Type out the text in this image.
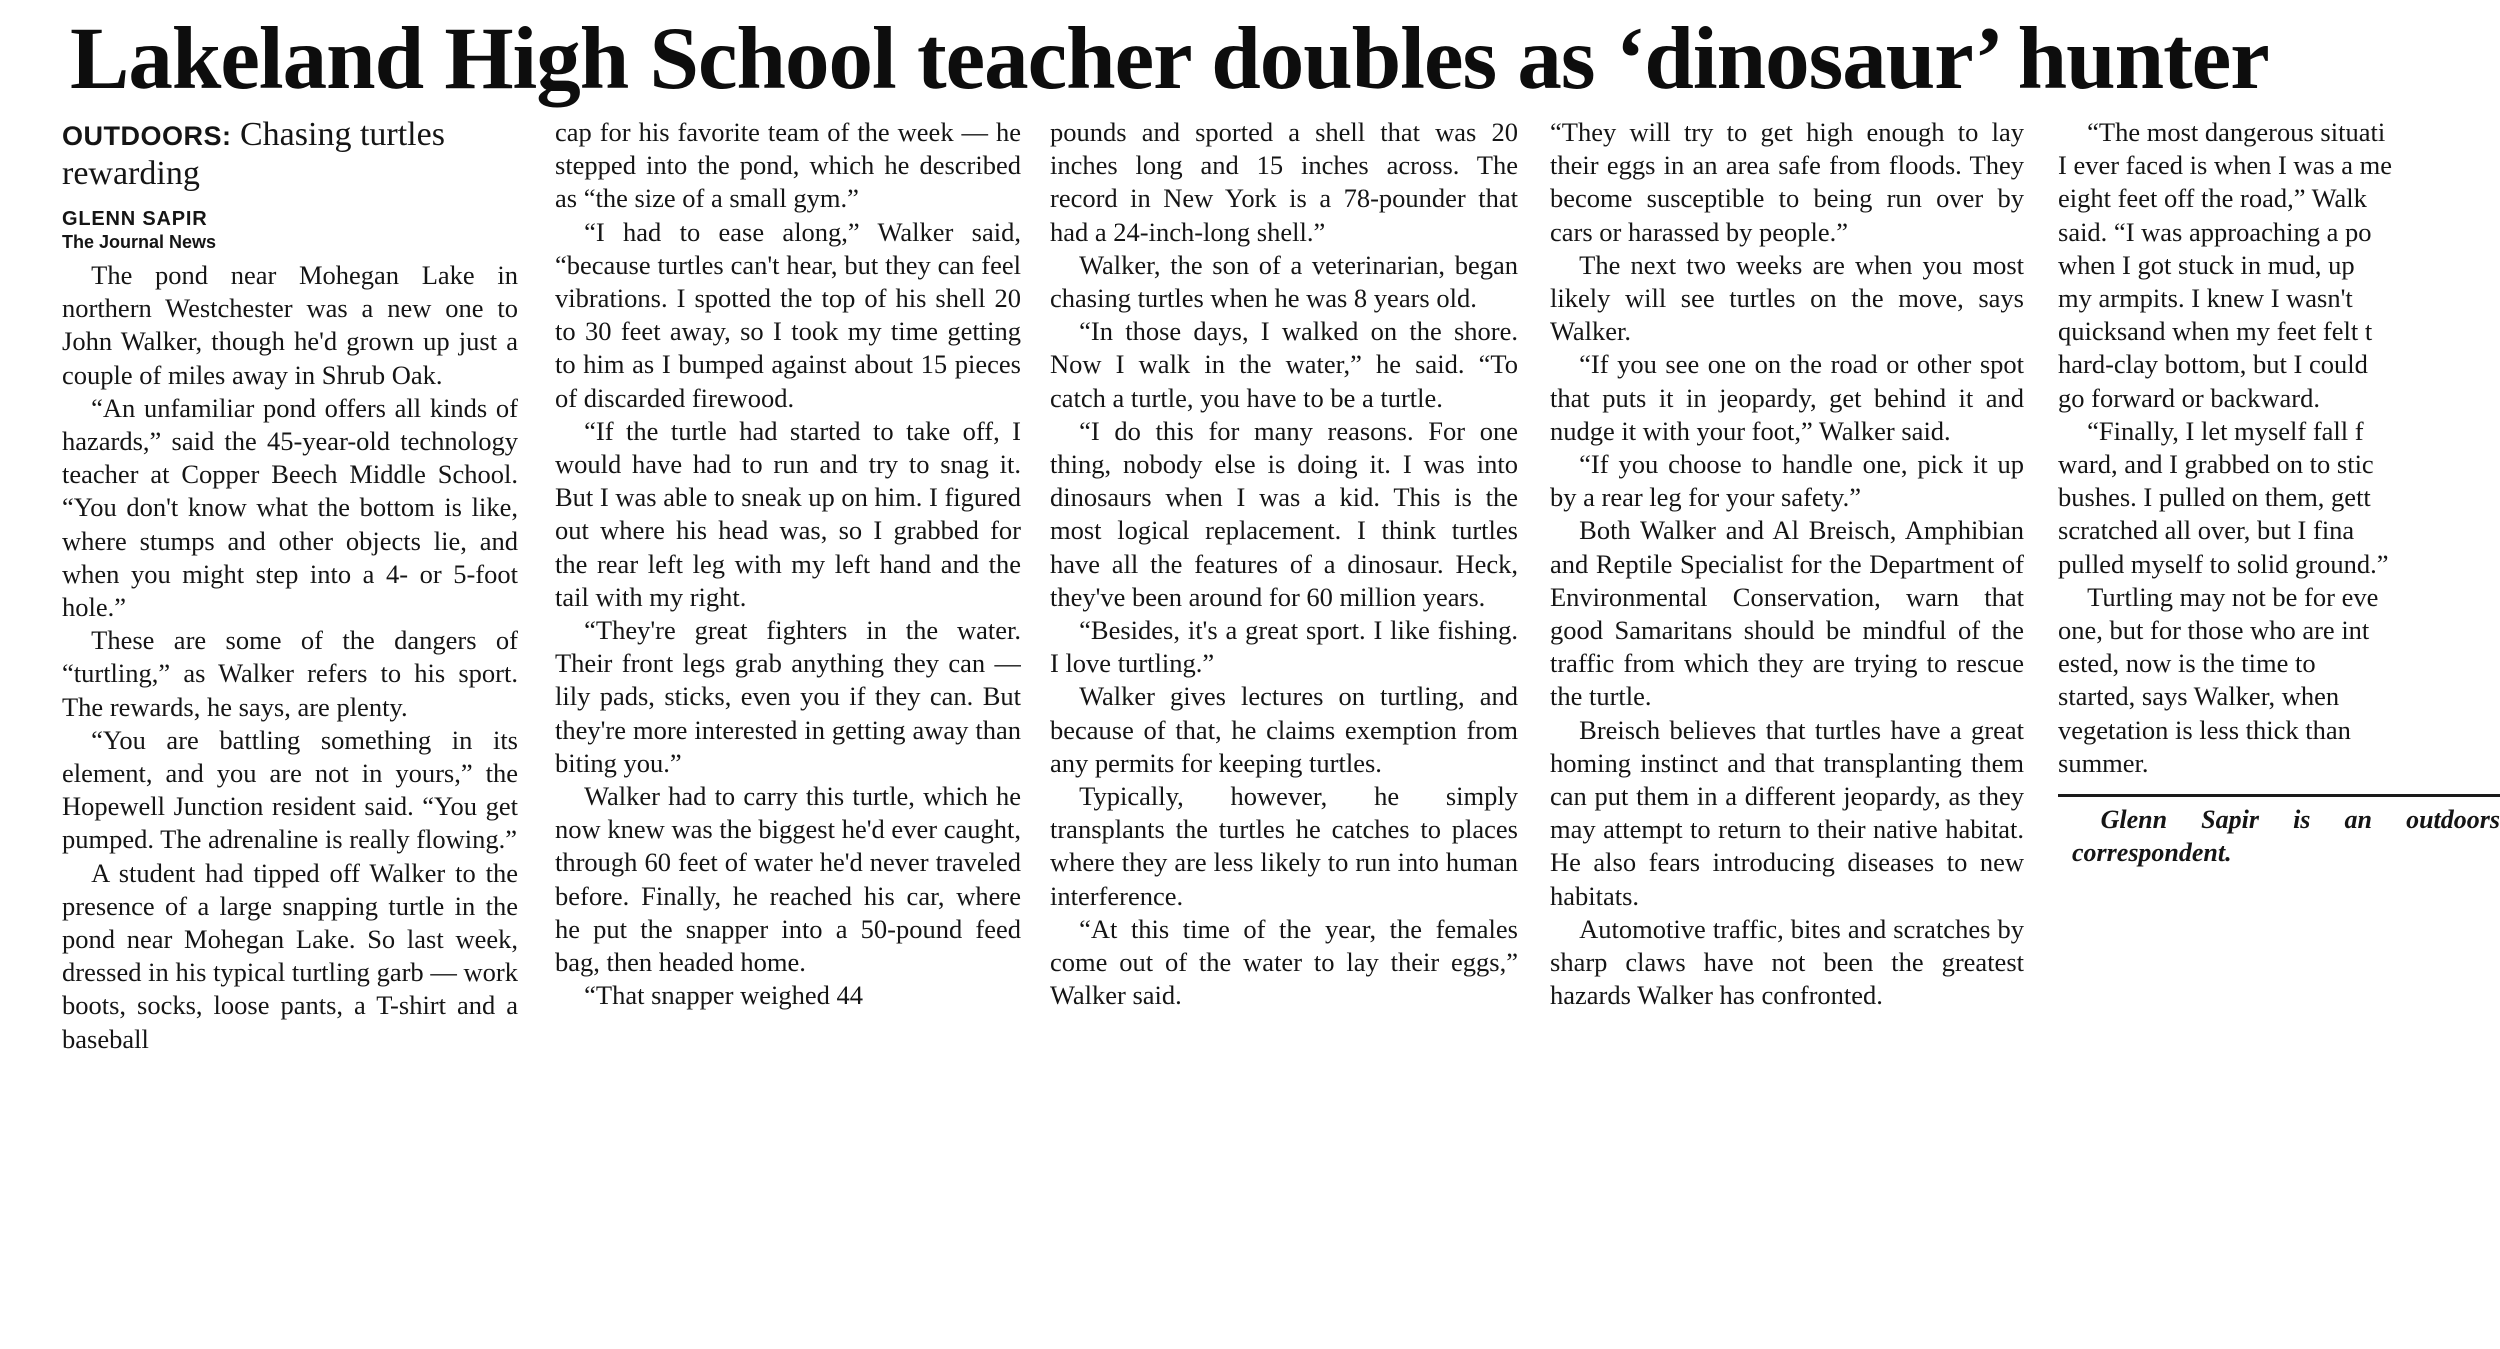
Lakeland High School teacher doubles as ‘dinosaur’ hunter
OUTDOORS: Chasing turtles rewarding
GLENN SAPIR
The Journal News

The pond near Mohegan Lake in northern Westchester was a new one to John Walker, though he'd grown up just a couple of miles away in Shrub Oak.

“An unfamiliar pond offers all kinds of hazards,” said the 45-year-old technology teacher at Copper Beech Middle School. “You don't know what the bottom is like, where stumps and other objects lie, and when you might step into a 4- or 5-foot hole.”

These are some of the dangers of “turtling,” as Walker refers to his sport. The rewards, he says, are plenty.

“You are battling something in its element, and you are not in yours,” the Hopewell Junction resident said. “You get pumped. The adrenaline is really flowing.”

A student had tipped off Walker to the presence of a large snapping turtle in the pond near Mohegan Lake. So last week, dressed in his typical turtling garb — work boots, socks, loose pants, a T-shirt and a baseball

cap for his favorite team of the week — he stepped into the pond, which he described as “the size of a small gym.”

“I had to ease along,” Walker said, “because turtles can't hear, but they can feel vibrations. I spotted the top of his shell 20 to 30 feet away, so I took my time getting to him as I bumped against about 15 pieces of discarded firewood.

“If the turtle had started to take off, I would have had to run and try to snag it. But I was able to sneak up on him. I figured out where his head was, so I grabbed for the rear left leg with my left hand and the tail with my right.

“They're great fighters in the water. Their front legs grab anything they can — lily pads, sticks, even you if they can. But they're more interested in getting away than biting you.”

Walker had to carry this turtle, which he now knew was the biggest he'd ever caught, through 60 feet of water he'd never traveled before. Finally, he reached his car, where he put the snapper into a 50-pound feed bag, then headed home.

“That snapper weighed 44

pounds and sported a shell that was 20 inches long and 15 inches across. The record in New York is a 78-pounder that had a 24-inch-long shell.”

Walker, the son of a veterinarian, began chasing turtles when he was 8 years old.

“In those days, I walked on the shore. Now I walk in the water,” he said. “To catch a turtle, you have to be a turtle.

“I do this for many reasons. For one thing, nobody else is doing it. I was into dinosaurs when I was a kid. This is the most logical replacement. I think turtles have all the features of a dinosaur. Heck, they've been around for 60 million years.

“Besides, it's a great sport. I like fishing. I love turtling.”

Walker gives lectures on turtling, and because of that, he claims exemption from any permits for keeping turtles.

Typically, however, he simply transplants the turtles he catches to places where they are less likely to run into human interference.

“At this time of the year, the females come out of the water to lay their eggs,” Walker said.

“They will try to get high enough to lay their eggs in an area safe from floods. They become susceptible to being run over by cars or harassed by people.”

The next two weeks are when you most likely will see turtles on the move, says Walker.

“If you see one on the road or other spot that puts it in jeopardy, get behind it and nudge it with your foot,” Walker said.

“If you choose to handle one, pick it up by a rear leg for your safety.”

Both Walker and Al Breisch, Amphibian and Reptile Specialist for the Department of Environmental Conservation, warn that good Samaritans should be mindful of the traffic from which they are trying to rescue the turtle.

Breisch believes that turtles have a great homing instinct and that transplanting them can put them in a different jeopardy, as they may attempt to return to their native habitat. He also fears introducing diseases to new habitats.

Automotive traffic, bites and scratches by sharp claws have not been the greatest hazards Walker has confronted.

“The most dangerous situati

I ever faced is when I was a me

eight feet off the road,” Walk

said. “I was approaching a po

when I got stuck in mud, up

my armpits. I knew I wasn't

quicksand when my feet felt t

hard-clay bottom, but I could

go forward or backward.

“Finally, I let myself fall f

ward, and I grabbed on to stic

bushes. I pulled on them, gett

scratched all over, but I fina

pulled myself to solid ground.”

Turtling may not be for eve

one, but for those who are int

ested, now is the time to

started, says Walker, when

vegetation is less thick than

summer.

Glenn Sapir is an outdoors correspondent.
